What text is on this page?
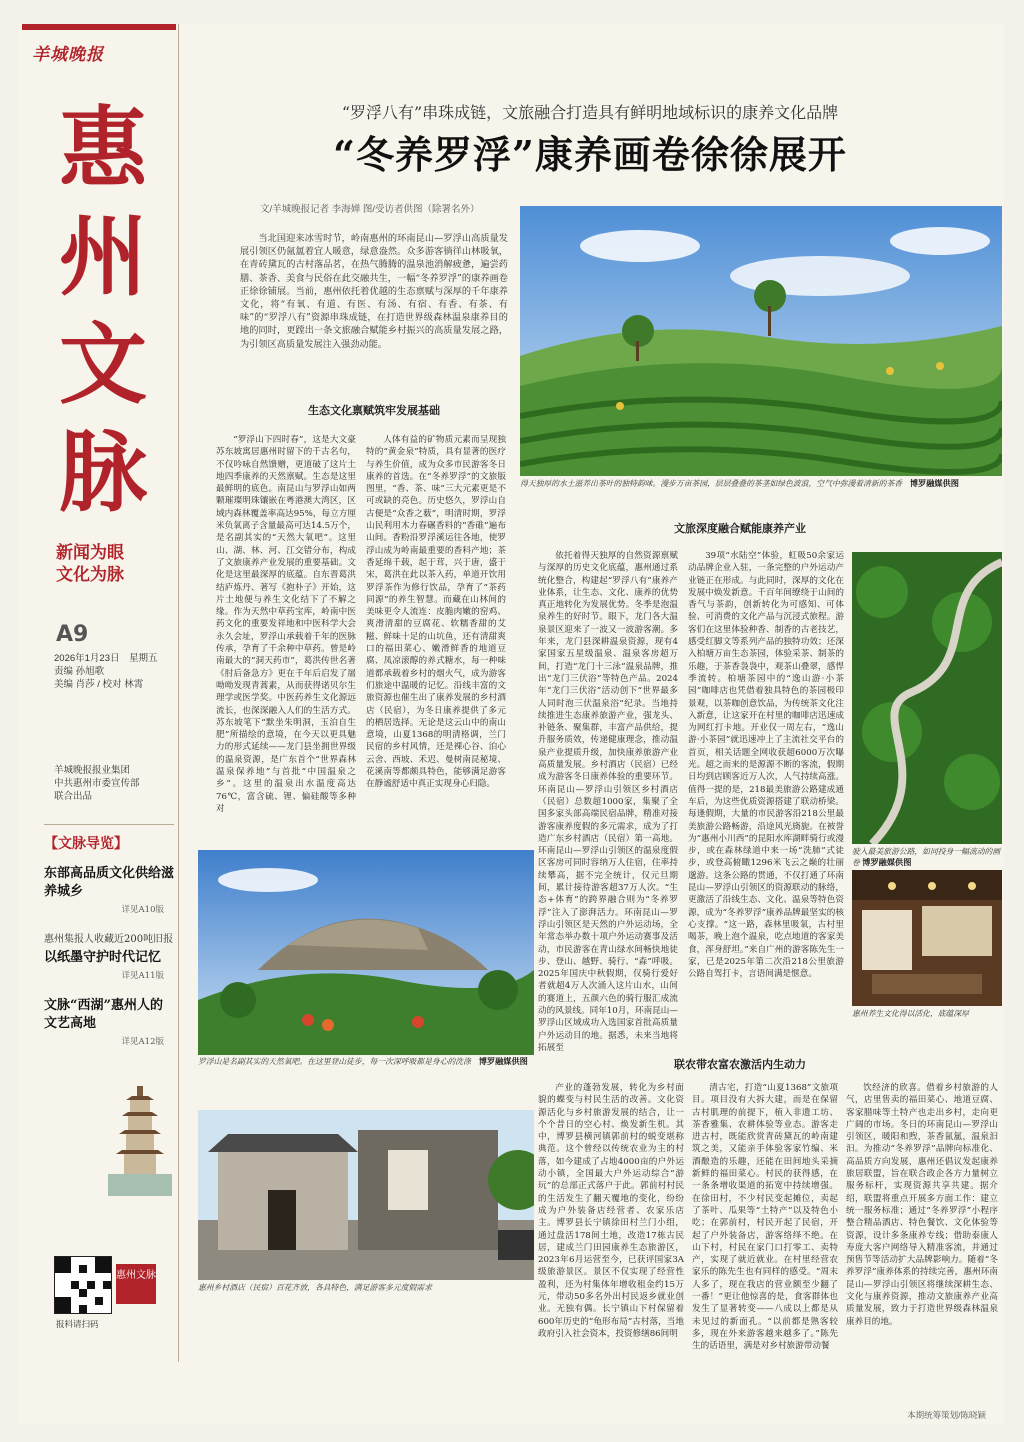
羊城晚报
惠州文脉
新闻为眼
文化为脉
A9
2026年1月23日　星期五
责编 孙旭歌
美编 肖莎 / 校对 林霄
羊城晚报报业集团
中共惠州市委宣传部
联合出品
【文脉导览】
东部高品质文化供给滋养城乡
详见A10版
惠州集报人收藏近200吨旧报
以纸墨守护时代记忆
详见A11版
文脉“西湖”惠州人的文艺高地
详见A12版
惠州文脉
报料请扫码
“罗浮八有”串珠成链，文旅融合打造具有鲜明地域标识的康养文化品牌
“冬养罗浮”康养画卷徐徐展开
文/羊城晚报记者 李海婵 图/受访者供图（除署名外）

当北国迎来冰雪时节，岭南惠州的环南昆山—罗浮山高质量发展引领区仍氤氲着宜人暖意，绿意盎然。众多游客徜徉山林吸氧，在青砖黛瓦的古村落品茗，在热气腾腾的温泉池消解疲惫，遍尝药膳、茶香、美食与民俗在此交融共生，一幅“冬养罗浮”的康养画卷正徐徐铺展。当前，惠州依托着优越的生态禀赋与深厚的千年康养文化，将“有氧、有道、有医、有汤、有宿、有香、有茶、有味”的“罗浮八有”资源串珠成链，在打造世界级森林温泉康养目的地的同时，更蹚出一条文旅融合赋能乡村振兴的高质量发展之路，为引领区高质量发展注入强劲动能。

得天独厚的水土滋养出茶叶的独特韵味。漫步万亩茶园，层层叠叠的茶垄如绿色波浪，空气中弥漫着清新的茶香　 博罗融媒供图
生态文化禀赋筑牢发展基础

“罗浮山下四时春”，这是大文豪苏东坡寓居惠州时留下的千古名句，不仅吟咏自然馈赠，更道破了这片土地四季康养的天然禀赋。生态是这里最鲜明的底色。南昆山与罗浮山如两颗璀璨明珠镶嵌在粤港澳大湾区，区域内森林覆盖率高达95%，每立方厘米负氧离子含量最高可达14.5万个，是名副其实的“天然大氧吧”。这里山、湖、林、河、江交错分布，构成了文旅康养产业发展的重要基础。文化是这里最深厚的底蕴。自东晋葛洪结庐炼丹、著写《抱朴子》开始，这片土地便与养生文化结下了不解之缘。作为天然中草药宝库，岭南中医药文化的重要发祥地和中医科学大会永久会址，罗浮山承载着千年的医脉传承，孕育了千余种中草药。曾是岭南最大的“洞天药市”，葛洪传世名著《肘后备急方》更在千年后启发了屠呦呦发现青蒿素，从而获得诺贝尔生理学或医学奖。中医药养生文化源远流长，也深深融入人们的生活方式。苏东坡笔下“默坐朱明洞，玉泊自生肥”所描绘的意境，在今天以更具魅力的形式延续——龙门县坐拥世界级的温泉资源，是广东首个“世界森林温泉保养地”与首批“中国温泉之乡”。这里的温泉出水温度高达76℃，富含硫、锂、偏硅酸等多种对

人体有益的矿物质元素而呈现独特的“黄金泉”特质，具有显著的医疗与养生价值，成为众多市民游客冬日康养的首选。在“冬养罗浮”的文旅版图里，“香、茶、味”三大元素更是不可或缺的亮色。历史悠久，罗浮山自古便是“众香之薮”，明清时期，罗浮山民利用木力春碾香料的“香碓”遍布山间。香粉沿罗浮溪运往各地，使罗浮山成为岭南最重要的香料产地；茶香延绵千载，起于茸，兴于唐，盛于宋，葛洪在此以茶入药，单道开饮用罗浮茶作为修行饮品，孕育了“茶药同源”的养生智慧。而藏在山林间的美味更令人流连：皮脆肉嫩的窑鸡、爽滑清甜的豆腐花、软糯香甜的艾糍、鲜味十足的山坑鱼，还有清甜爽口的福田菜心、嫩滑鲜香的地道豆腐、凤凉滚醇的养式糖水，每一种味道都承载着乡村的烟火气，成为游客们旅途中温暖的记忆。沿线丰富的文旅资源也催生出了康养发展的乡村酒店（民宿），为冬日康养提供了多元的栖居选择。无论是这云山中的南山意境，山夏1368的明清格调，兰门民宿的乡村风情，还是裸心谷、泊心云舍、西坡、禾迟、曼树南昆秘境、花溪南等都颇具特色，能够满足游客在静谧舒适中真正实现身心归隐。

罗浮山是名副其实的天然氧吧。在这里登山徒步，每一次深呼吸都是身心的洗涤　 博罗融媒供图
惠州乡村酒店（民宿）百花齐放，各具特色，满足游客多元度假需求
文旅深度融合赋能康养产业

依托着得天独厚的自然资源禀赋与深厚的历史文化底蕴，惠州通过系统化整合，构建起“罗浮八有”康养产业体系，让生态、文化、康养的优势真正地转化为发展优势。冬季是泡温泉养生的好时节。眼下，龙门各大温泉景区迎来了一波又一波游客潮。多年来，龙门县深耕温泉资源，现有4家国家五星级温泉、温泉客房超万间，打造“龙门十三泳”温泉品牌，推出“龙门三伏浴”等特色产品。2024年“龙门三伏浴”活动创下“世界最多人同时泡三伏温泉浴”纪录。当地持续推进生态康养旅游产业，强龙头、补链条、聚集群，丰富产品供给，提升服务质效，传递健康理念，推动温泉产业提质升级，加快康养旅游产业高质量发展。乡村酒店（民宿）已经成为游客冬日康养体验的重要环节。环南昆山—罗浮山引领区乡村酒店（民宿）总数超1000家，集聚了全国多家头部高端民宿品牌，精准对接游客康养度假的多元需求，成为了打造广东乡村酒店（民宿）第一高地。环南昆山—罗浮山引领区的温泉度假区客房可同时容纳万人住宿，住率持续攀高，据不完全统计，仅元旦期间，累计接待游客超37万人次。“生态+体育”的跨界融合则为“冬养罗浮”注入了澎湃活力。环南昆山—罗浮山引领区是天然的户外运动场，全年常态举办数十项户外运动赛事及活动，市民游客在青山绿水间畅快地徒步、登山、越野、骑行、“森”呼吸。2025年国庆中秋假期，仅骑行爱好者就超4万人次涌入这片山水，山间的赛道上，五颜六色的骑行服汇成流动的风景线。同年10月，环南昆山—罗浮山区域成功入选国家首批高质量户外运动目的地。据悉，未来当地将拓展至

39项“水陆空”体验，虹吸50余家运动品牌企业入驻，一条完整的户外运动产业链正在形成。与此同时，深厚的文化在发展中焕发新意。千百年间缭绕于山间的香气与茶韵，创新转化为可感知、可体验、可消费的文化产品与沉浸式旅程。游客们在这里体验种香、制香的古老技艺，感受红脚文等系列产品的独特功效；还深入柏塘万亩生态茶园，体验采茶、制茶的乐趣，于茶香袅袅中，观茶山叠翠，感悍季流转。柏塘茶园中的“逸山游·小茶园”咖啡店也凭借着独具特色的茶园极印景观，以茶咖创意饮品，为传统茶文化注入新意，让这家开在村里的咖啡店迅速成为网红打卡地。开业仅一周左右，“逸山游·小茶园”就迅速冲上了主流社交平台的首页，相关话题全网收获超6000万次曝光。超之而来的是源源不断的客流，假期日均到店顾客近万人次，人气持续高涨。值得一提的是，218最美旅游公路建成通车后，为这些优质资源搭建了联动桥梁。每逢假期，大量的市民游客沿218公里最美旅游公路畅游，沿途风光旖旎。在被誉为“惠州小川西”的昆阳水库湖畔骑行或漫步，或在森林绿道中来一场“洗肺”式徒步，或登高俯瞰1296米飞云之巅的壮丽邈游。这条公路的贯通，不仅打通了环南昆山—罗浮山引领区的资源联动的脉络，更激活了沿线生态、文化、温泉等特色资源，成为“冬养罗浮”康养品牌最坚实的核心支撑。“这一路，森林里吸氧，古村里喝茶，晚上泡个温泉，吃点地道的客家美食，浑身舒坦。”来自广州的游客陈先生一家，已是2025年第二次沿218公里旅游公路自驾打卡，言语间满是惬意。

驶入最美旅游公路，如同投身一幅流动的画卷 博罗融媒供图
惠州养生文化得以活化，底蕴深厚
联农带农富农激活内生动力

产业的蓬勃发展，转化为乡村面貌的蝶变与村民生活的改善。文化资源活化与乡村旅游发展的结合，让一个个昔日的空心村、焕发新生机。其中，博罗县横河镇郭前村的蜕变堪称典范。这个曾经以传统农业为主的村落，如今建成了占地4000亩的户外运动小镇，全国最大户外运动综合“游玩”的总部正式落户于此。郭前村村民的生活发生了翻天覆地的变化，纷纷成为户外装备店经营者、农家乐店主。博罗县长宁镇徐田村兰门小组，通过盘活178间土地，改造17栋古民居，建成兰门田园康养生态旅游区，2023年6月运营至今，已获评国家3A级旅游景区。景区不仅实现了经营性盈利，还为村集体年增收租金约15万元，带动50多名外出村民返乡就业创业。无独有偶。长宁镇山下村保留着600年历史的“龟形布局”古村落，当地政府引入社会资本，投资修缮86间明

清古宅，打造“山夏1368”文旅项目。项目没有大拆大建，而是在保留古村肌理的前提下，植入非遗工坊、茶香雅集、农耕体验等业态。游客走进古村，既能欣赏青砖黛瓦的岭南建筑之美，又能亲手体验客家竹编、米酒酿造的乐趣，还能在田间地头采摘新鲜的福田菜心。村民的获得感，在一条条增收渠道的拓宽中持续增强。在徐田村，不少村民变起摊位，卖起了茶叶、瓜果等“土特产”以及特色小吃；在郭前村，村民开起了民宿，开起了户外装备店，游客络绎不绝。在山下村，村民在家门口打零工、卖特产，实现了就近就业。在村里经营农家乐的陈先生也有同样的感受。“周末人多了，现在我店的营业额至少翻了一番！”更让他惊喜的是，食客群体也发生了显著转变——八成以上都是从未见过的新面孔。“以前都是熟客较多，现在外来游客越来越多了。”陈先生的话语里，满是对乡村旅游带动餐

饮经济的欣喜。借着乡村旅游的人气，店里售卖的福田菜心、地道豆腐、客家腊味等土特产也走出乡村，走向更广阔的市场。冬日的环南昆山—罗浮山引领区，暖阳和煦，茶香氤氲，温泉汩汩。为推动“冬养罗浮”品牌向标准化、高品质方向发展，惠州还倡议发起康养旅居联盟，旨在联合政企各方力量树立服务标杆，实现资源共享共建。据介绍，联盟将重点开展多方面工作：建立统一服务标准；通过“冬养罗浮”小程序整合精品酒店、特色餐饮、文化体验等资源，设计多条康养专线；借助泰康人寿庞大客户网络导入精准客流，并通过预售节等活动扩大品牌影响力。随着“冬养罗浮”康养体系的持续完善，惠州环南昆山—罗浮山引领区将继续深耕生态、文化与康养资源，推动文旅康养产业高质量发展，致力于打造世界级森林温泉康养目的地。

本期统筹策划/陈晓颖
